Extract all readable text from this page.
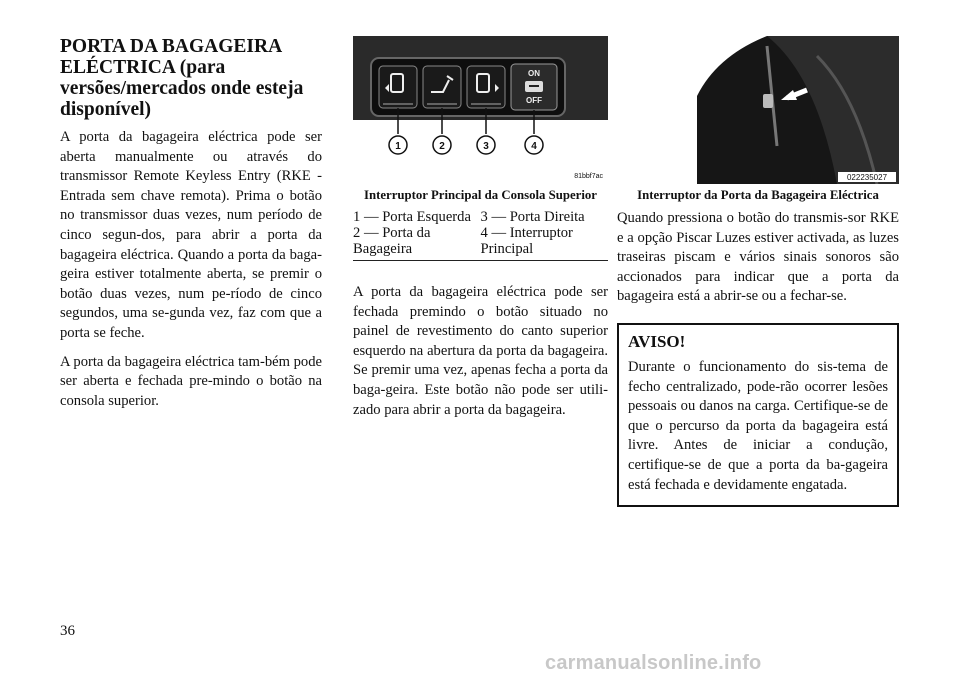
PORTA DA BAGAGEIRA ELÉCTRICA (para versões/mercados onde esteja disponível)

A porta da bagageira eléctrica pode ser aberta manualmente ou através do transmissor Remote Keyless Entry (RKE - Entrada sem chave remota). Prima o botão no transmissor duas vezes, num período de cinco segun-dos, para abrir a porta da bagageira eléctrica. Quando a porta da baga-geira estiver totalmente aberta, se premir o botão duas vezes, num pe-ríodo de cinco segundos, uma se-gunda vez, faz com que a porta se feche.

A porta da bagageira eléctrica tam-bém pode ser aberta e fechada pre-mindo o botão na consola superior.

ON
OFF
1	2	3	4
81bbf7ac
Interruptor Principal da Consola Superior
1 — Porta Esquerda	3 — Porta Direita
2 — Porta da Bagageira	4 — Interruptor Principal

A porta da bagageira eléctrica pode ser fechada premindo o botão situado no painel de revestimento do canto superior esquerdo na abertura da porta da bagageira. Se premir uma vez, apenas fecha a porta da baga-geira. Este botão não pode ser utili-zado para abrir a porta da bagageira.

022235027
Interruptor da Porta da Bagageira Eléctrica

Quando pressiona o botão do transmis-sor RKE e a opção Piscar Luzes estiver activada, as luzes traseiras piscam e vários sinais sonoros são accionados para indicar que a porta da bagageira está a abrir-se ou a fechar-se.

AVISO!

Durante o funcionamento do sis-tema de fecho centralizado, pode-rão ocorrer lesões pessoais ou danos na carga. Certifique-se de que o percurso da porta da bagageira está livre. Antes de iniciar a condução, certifique-se de que a porta da ba-gageira está fechada e devidamente engatada.

36
carmanualsonline.info
